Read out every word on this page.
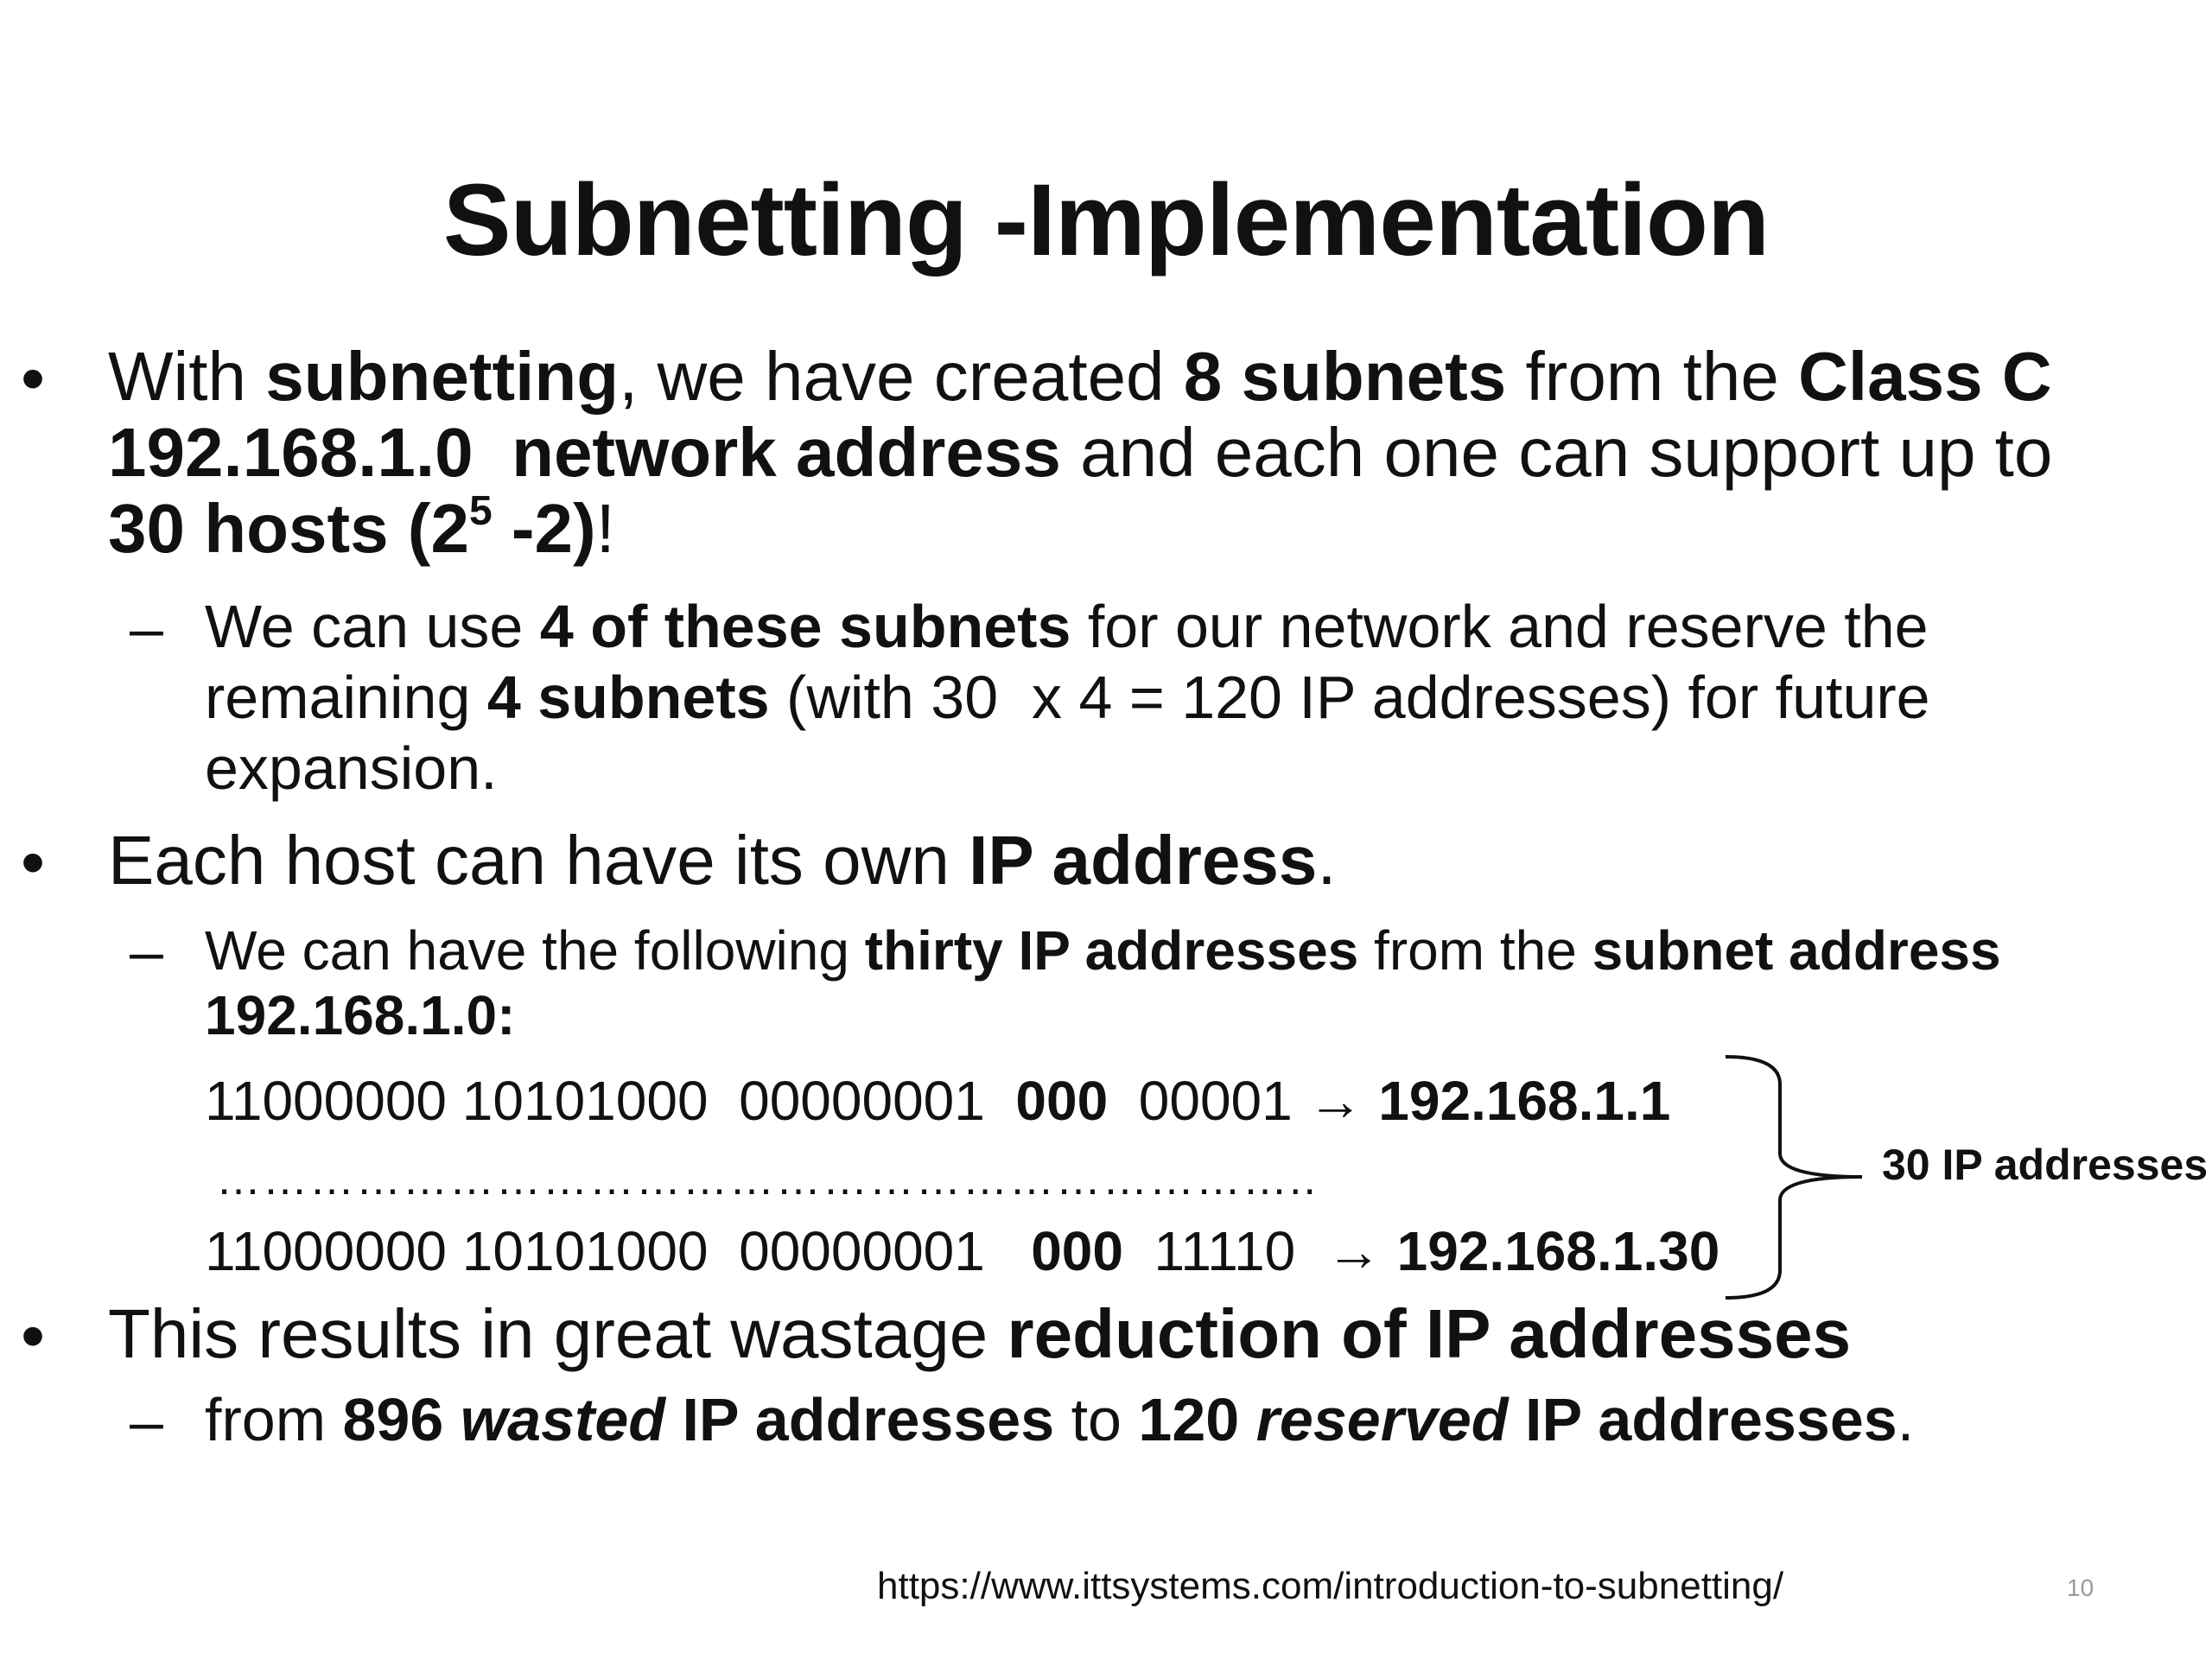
Subnetting -Implementation
• With subnetting, we have created 8 subnets from the Class C
192.168.1.0  network address and each one can support up to
30 hosts ($2^5$ -2)!
– We can use 4 of these subnets for our network and reserve the
remaining 4 subnets (with 30  x 4 = 120 IP addresses) for future
expansion.
• Each host can have its own IP address.
– We can have the following thirty IP addresses from the subnet address
192.168.1.0:
11000000 10101000  00000001  000  00001 → 192.168.1.1
……………………………………………………………..
11000000 10101000  00000001   000  11110  → 192.168.1.30
30 IP addresses
• This results in great wastage reduction of IP addresses
– from 896 wasted IP addresses to 120 reserved IP addresses.
https://www.ittsystems.com/introduction-to-subnetting/	10
